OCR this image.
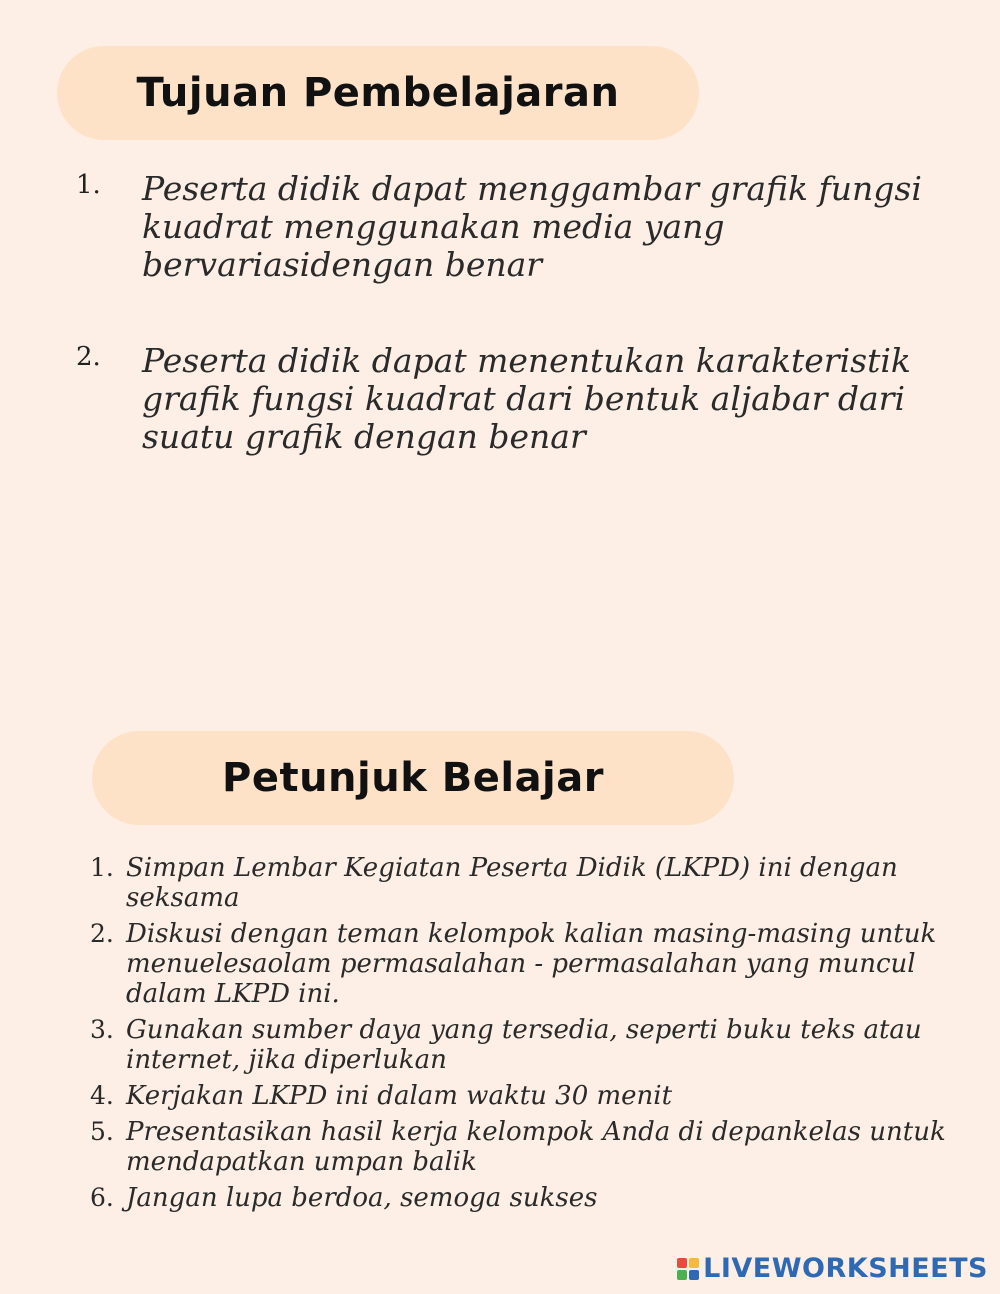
Tujuan Pembelajaran
1. Peserta didik dapat menggambar grafik fungsi kuadrat menggunakan media yang bervariasidengan benar
2. Peserta didik dapat menentukan karakteristik grafik fungsi kuadrat dari bentuk aljabar dari suatu grafik dengan benar
Petunjuk Belajar
1. Simpan Lembar Kegiatan Peserta Didik (LKPD) ini dengan seksama
2. Diskusi dengan teman kelompok kalian masing-masing untuk menuelesaolam permasalahan - permasalahan yang muncul dalam LKPD ini.
3. Gunakan sumber daya yang tersedia, seperti buku teks atau internet, jika diperlukan
4. Kerjakan LKPD ini dalam waktu 30 menit
5. Presentasikan hasil kerja kelompok Anda di depankelas untuk mendapatkan umpan balik
6. Jangan lupa berdoa, semoga sukses
LIVEWORKSHEETS
